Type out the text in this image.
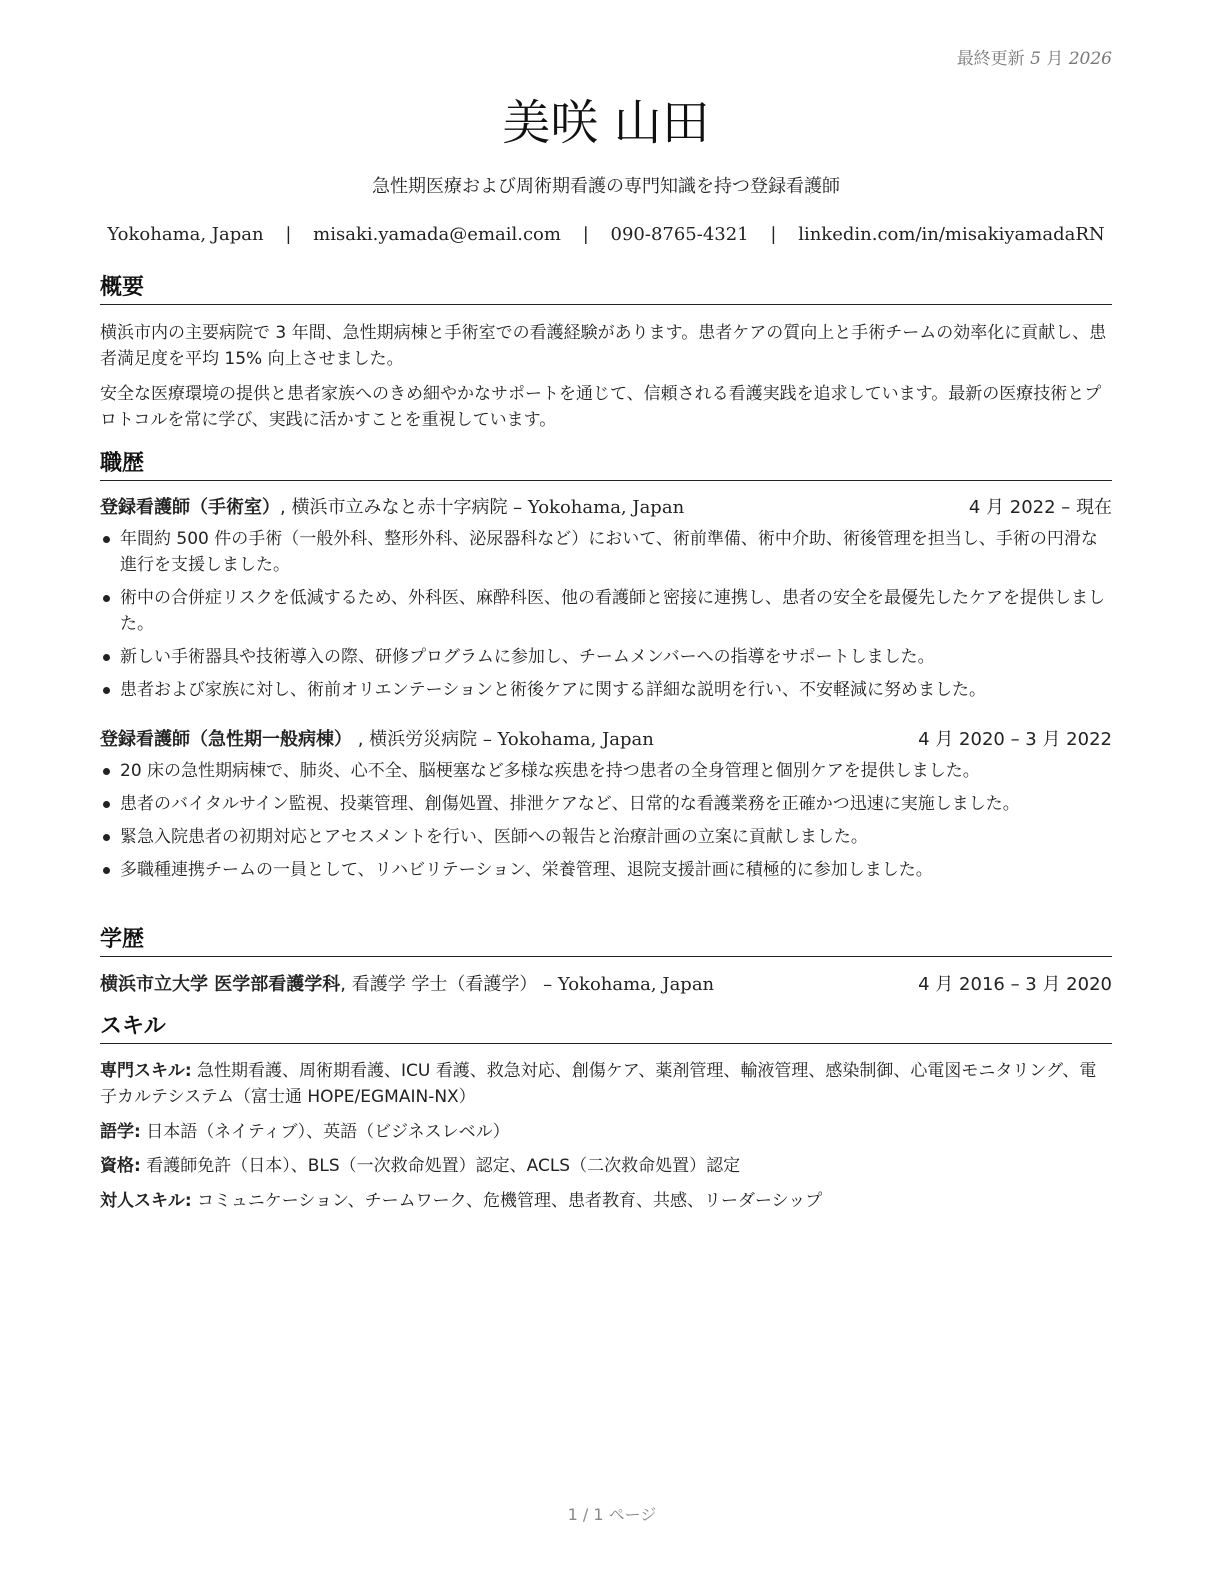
最終更新 5 月 2026
美咲 山田
急性期医療および周術期看護の専門知識を持つ登録看護師
Yokohama, Japan | misaki.yamada@email.com | 090-8765-4321 | linkedin.com/in/misakiyamadaRN
概要

横浜市内の主要病院で 3 年間、急性期病棟と手術室での看護経験があります。患者ケアの質向上と手術チームの効率化に貢献し、患者満足度を平均 15% 向上させました。

安全な医療環境の提供と患者家族へのきめ細やかなサポートを通じて、信頼される看護実践を追求しています。最新の医療技術とプロトコルを常に学び、実践に活かすことを重視しています。

職歴
登録看護師（手術室）, 横浜市立みなと赤十字病院 – Yokohama, Japan	4 月 2022 – 現在
年間約 500 件の手術（一般外科、整形外科、泌尿器科など）において、術前準備、術中介助、術後管理を担当し、手術の円滑な進行を支援しました。
術中の合併症リスクを低減するため、外科医、麻酔科医、他の看護師と密接に連携し、患者の安全を最優先したケアを提供しました。
新しい手術器具や技術導入の際、研修プログラムに参加し、チームメンバーへの指導をサポートしました。
患者および家族に対し、術前オリエンテーションと術後ケアに関する詳細な説明を行い、不安軽減に努めました。
登録看護師（急性期一般病棟） , 横浜労災病院 – Yokohama, Japan	4 月 2020 – 3 月 2022
20 床の急性期病棟で、肺炎、心不全、脳梗塞など多様な疾患を持つ患者の全身管理と個別ケアを提供しました。
患者のバイタルサイン監視、投薬管理、創傷処置、排泄ケアなど、日常的な看護業務を正確かつ迅速に実施しました。
緊急入院患者の初期対応とアセスメントを行い、医師への報告と治療計画の立案に貢献しました。
多職種連携チームの一員として、リハビリテーション、栄養管理、退院支援計画に積極的に参加しました。
学歴
横浜市立大学 医学部看護学科, 看護学 学士（看護学） – Yokohama, Japan	4 月 2016 – 3 月 2020
スキル
専門スキル: 急性期看護、周術期看護、ICU 看護、救急対応、創傷ケア、薬剤管理、輸液管理、感染制御、心電図モニタリング、電子カルテシステム（富士通 HOPE/EGMAIN-NX）
語学: 日本語（ネイティブ）、英語（ビジネスレベル）
資格: 看護師免許（日本）、BLS（一次救命処置）認定、ACLS（二次救命処置）認定
対人スキル: コミュニケーション、チームワーク、危機管理、患者教育、共感、リーダーシップ
1 / 1 ページ
